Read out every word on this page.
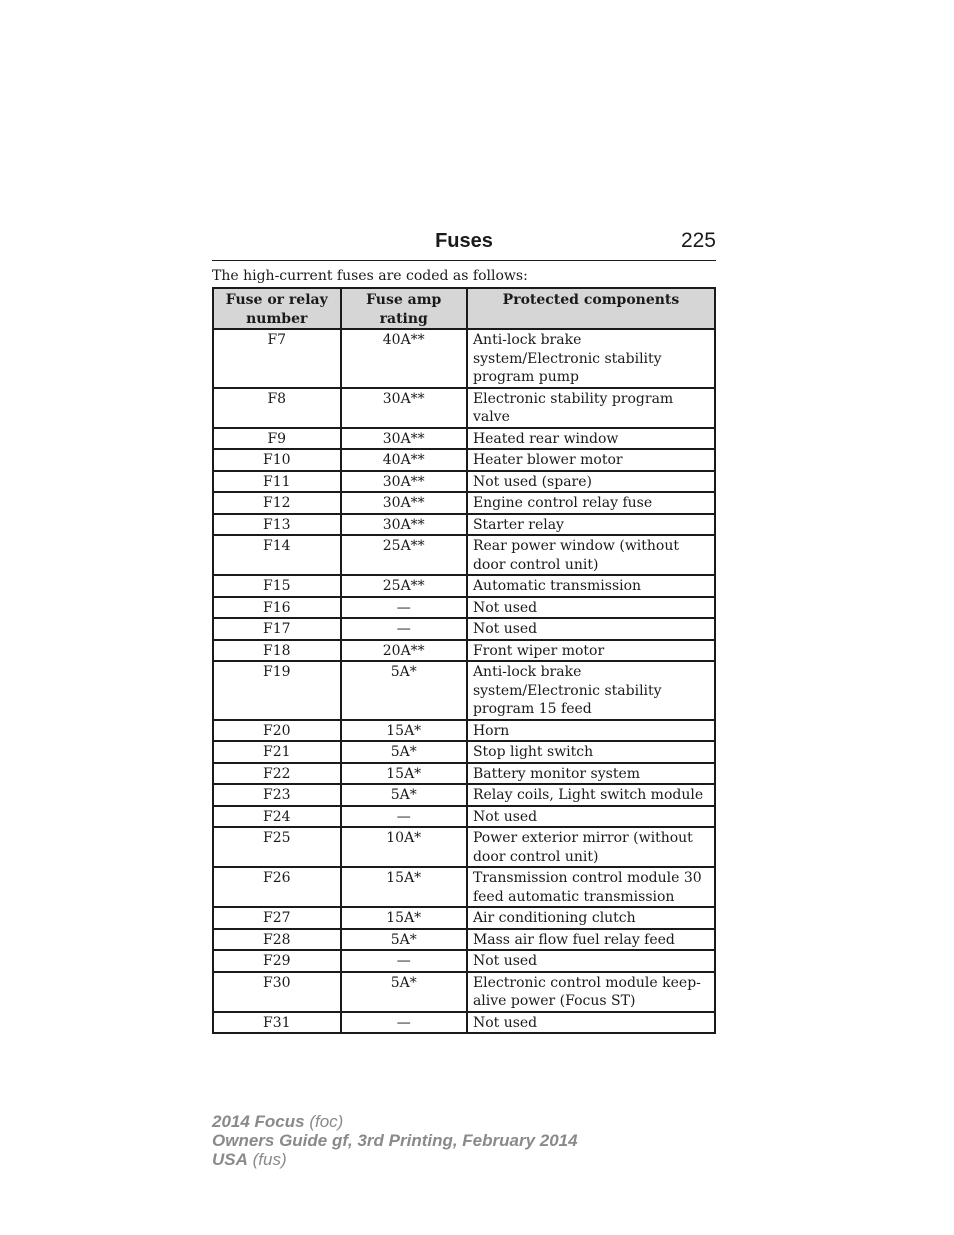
Fuses	225
The high-current fuses are coded as follows:
Fuse or relay number	Fuse amp rating	Protected components
F7	40A**	Anti-lock brake system/Electronic stability program pump
F8	30A**	Electronic stability program valve
F9	30A**	Heated rear window
F10	40A**	Heater blower motor
F11	30A**	Not used (spare)
F12	30A**	Engine control relay fuse
F13	30A**	Starter relay
F14	25A**	Rear power window (without door control unit)
F15	25A**	Automatic transmission
F16	—	Not used
F17	—	Not used
F18	20A**	Front wiper motor
F19	5A*	Anti-lock brake system/Electronic stability program 15 feed
F20	15A*	Horn
F21	5A*	Stop light switch
F22	15A*	Battery monitor system
F23	5A*	Relay coils, Light switch module
F24	—	Not used
F25	10A*	Power exterior mirror (without door control unit)
F26	15A*	Transmission control module 30 feed automatic transmission
F27	15A*	Air conditioning clutch
F28	5A*	Mass air flow fuel relay feed
F29	—	Not used
F30	5A*	Electronic control module keep-alive power (Focus ST)
F31	—	Not used
2014 Focus (foc)
Owners Guide gf, 3rd Printing, February 2014
USA (fus)
